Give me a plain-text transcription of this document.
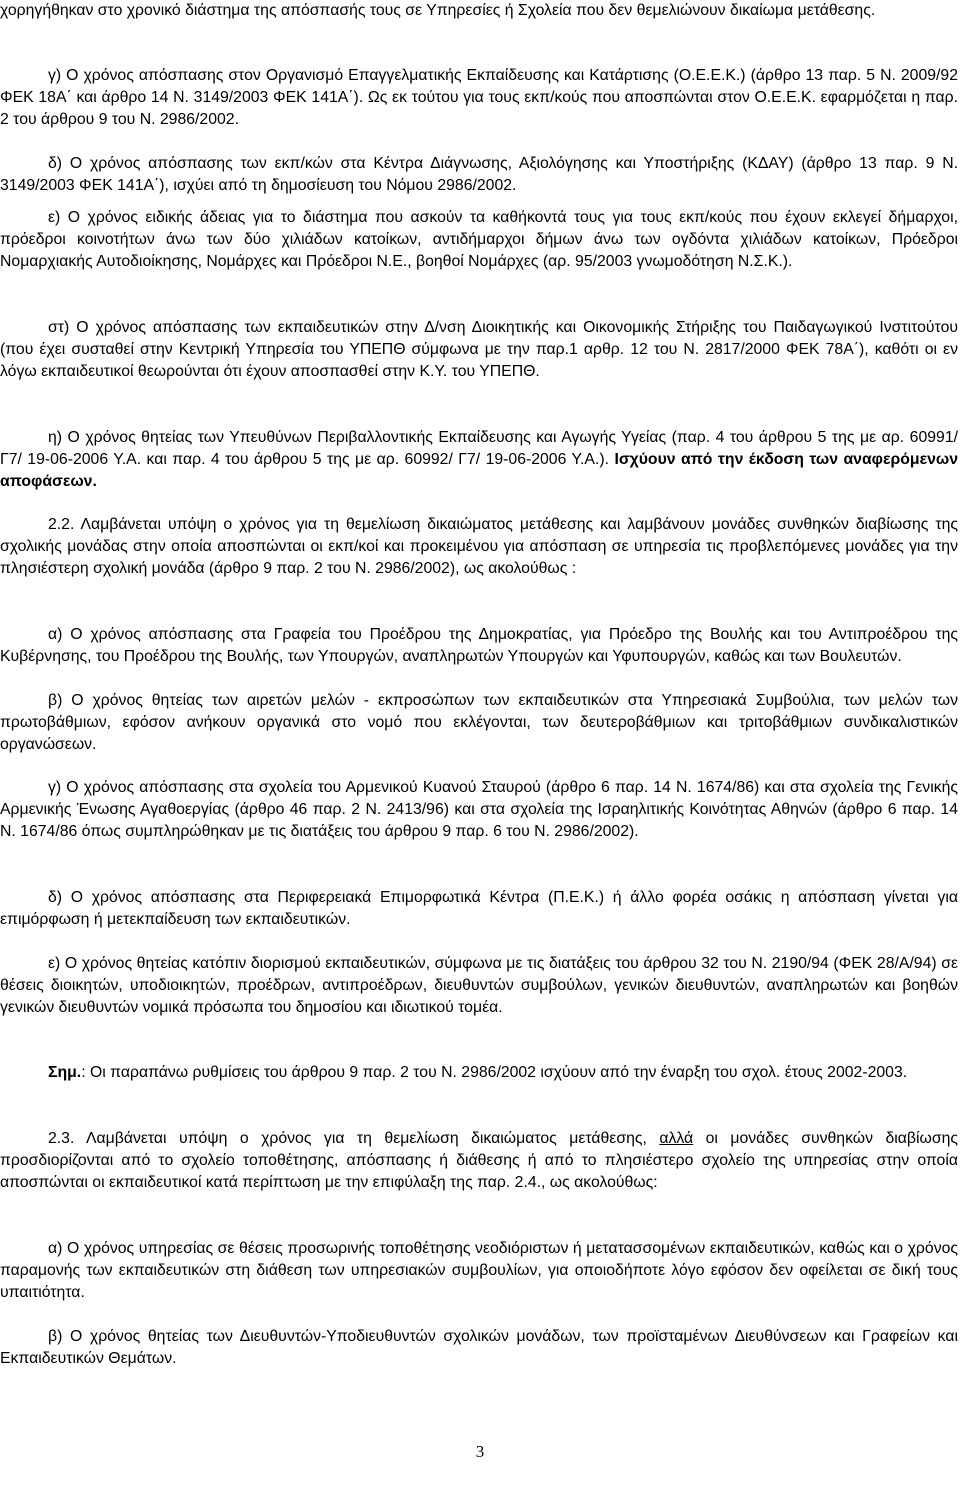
χορηγήθηκαν στο χρονικό διάστημα της απόσπασής τους σε Υπηρεσίες ή Σχολεία που δεν θεμελιώνουν δικαίωμα μετάθεσης.

γ) Ο χρόνος απόσπασης στον Οργανισμό Επαγγελματικής Εκπαίδευσης και Κατάρτισης (Ο.Ε.Ε.Κ.) (άρθρο 13 παρ. 5 Ν. 2009/92 ΦΕΚ 18Α΄ και άρθρο 14 Ν. 3149/2003 ΦΕΚ 141Α΄). Ως εκ τούτου για τους εκπ/κούς που αποσπώνται στον Ο.Ε.Ε.Κ. εφαρμόζεται η παρ. 2 του άρθρου 9 του Ν. 2986/2002.

δ) Ο χρόνος απόσπασης των εκπ/κών στα Κέντρα Διάγνωσης, Αξιολόγησης και Υποστήριξης (ΚΔΑΥ) (άρθρο 13 παρ. 9 Ν. 3149/2003 ΦΕΚ 141Α΄), ισχύει από τη δημοσίευση του Νόμου 2986/2002.

ε) Ο χρόνος ειδικής άδειας για το διάστημα που ασκούν τα καθήκοντά τους για τους εκπ/κούς που έχουν εκλεγεί δήμαρχοι, πρόεδροι κοινοτήτων άνω των δύο χιλιάδων κατοίκων, αντιδήμαρχοι δήμων άνω των ογδόντα χιλιάδων κατοίκων, Πρόεδροι Νομαρχιακής Αυτοδιοίκησης, Νομάρχες και Πρόεδροι Ν.Ε., βοηθοί Νομάρχες (αρ. 95/2003 γνωμοδότηση Ν.Σ.Κ.).

στ) Ο χρόνος απόσπασης των εκπαιδευτικών στην Δ/νση Διοικητικής και Οικονομικής Στήριξης του Παιδαγωγικού Ινστιτούτου (που έχει συσταθεί στην Κεντρική Υπηρεσία του ΥΠΕΠΘ σύμφωνα με την παρ.1 αρθρ. 12 του Ν. 2817/2000 ΦΕΚ 78Α΄), καθότι οι εν λόγω εκπαιδευτικοί θεωρούνται ότι έχουν αποσπασθεί στην Κ.Υ. του ΥΠΕΠΘ.

η) Ο χρόνος θητείας των Υπευθύνων Περιβαλλοντικής Εκπαίδευσης και Αγωγής Υγείας (παρ. 4 του άρθρου 5 της με αρ. 60991/ Γ7/ 19-06-2006 Υ.Α. και παρ. 4 του άρθρου 5 της με αρ. 60992/ Γ7/ 19-06-2006 Υ.Α.). Ισχύουν από την έκδοση των αναφερόμενων αποφάσεων.

2.2. Λαμβάνεται υπόψη ο χρόνος για τη θεμελίωση δικαιώματος μετάθεσης και λαμβάνουν μονάδες συνθηκών διαβίωσης της σχολικής μονάδας στην οποία αποσπώνται οι εκπ/κοί και προκειμένου για απόσπαση σε υπηρεσία τις προβλεπόμενες μονάδες για την πλησιέστερη σχολική μονάδα (άρθρο 9 παρ. 2 του Ν. 2986/2002), ως ακολούθως :

α) Ο χρόνος απόσπασης στα Γραφεία του Προέδρου της Δημοκρατίας, για Πρόεδρο της Βουλής και του Αντιπροέδρου της Κυβέρνησης, του Προέδρου της Βουλής, των Υπουργών, αναπληρωτών Υπουργών και Υφυπουργών, καθώς και των Βουλευτών.

β) Ο χρόνος θητείας των αιρετών μελών - εκπροσώπων των εκπαιδευτικών στα Υπηρεσιακά Συμβούλια, των μελών των πρωτοβάθμιων, εφόσον ανήκουν οργανικά στο νομό που εκλέγονται, των δευτεροβάθμιων και τριτοβάθμιων συνδικαλιστικών οργανώσεων.

γ) Ο χρόνος απόσπασης στα σχολεία του Αρμενικού Κυανού Σταυρού (άρθρο 6 παρ. 14 Ν. 1674/86) και στα σχολεία της Γενικής Αρμενικής Ένωσης Αγαθοεργίας (άρθρο 46 παρ. 2 Ν. 2413/96) και στα σχολεία της Ισραηλιτικής Κοινότητας Αθηνών (άρθρο 6 παρ. 14 Ν. 1674/86 όπως συμπληρώθηκαν με τις διατάξεις του άρθρου 9 παρ. 6 του Ν. 2986/2002).

δ) Ο χρόνος απόσπασης στα Περιφερειακά Επιμορφωτικά Κέντρα (Π.Ε.Κ.) ή άλλο φορέα οσάκις η απόσπαση γίνεται για επιμόρφωση ή μετεκπαίδευση των εκπαιδευτικών.

ε) Ο χρόνος θητείας κατόπιν διορισμού εκπαιδευτικών, σύμφωνα με τις διατάξεις του άρθρου 32 του Ν. 2190/94 (ΦΕΚ 28/Α/94) σε θέσεις διοικητών, υποδιοικητών, προέδρων, αντιπροέδρων, διευθυντών συμβούλων, γενικών διευθυντών, αναπληρωτών και βοηθών γενικών διευθυντών νομικά πρόσωπα του δημοσίου και ιδιωτικού τομέα.

Σημ.: Οι παραπάνω ρυθμίσεις του άρθρου 9 παρ. 2 του Ν. 2986/2002 ισχύουν από την έναρξη του σχολ. έτους 2002-2003.

2.3. Λαμβάνεται υπόψη ο χρόνος για τη θεμελίωση δικαιώματος μετάθεσης, αλλά οι μονάδες συνθηκών διαβίωσης προσδιορίζονται από το σχολείο τοποθέτησης, απόσπασης ή διάθεσης ή από το πλησιέστερο σχολείο της υπηρεσίας στην οποία αποσπώνται οι εκπαιδευτικοί κατά περίπτωση με την επιφύλαξη της παρ. 2.4., ως ακολούθως:

α) Ο χρόνος υπηρεσίας σε θέσεις προσωρινής τοποθέτησης νεοδιόριστων ή μετατασσομένων εκπαιδευτικών, καθώς και ο χρόνος παραμονής των εκπαιδευτικών στη διάθεση των υπηρεσιακών συμβουλίων, για οποιοδήποτε λόγο εφόσον δεν οφείλεται σε δική τους υπαιτιότητα.

β) Ο χρόνος θητείας των Διευθυντών-Υποδιευθυντών σχολικών μονάδων, των προϊσταμένων Διευθύνσεων και Γραφείων και Εκπαιδευτικών Θεμάτων.

3
